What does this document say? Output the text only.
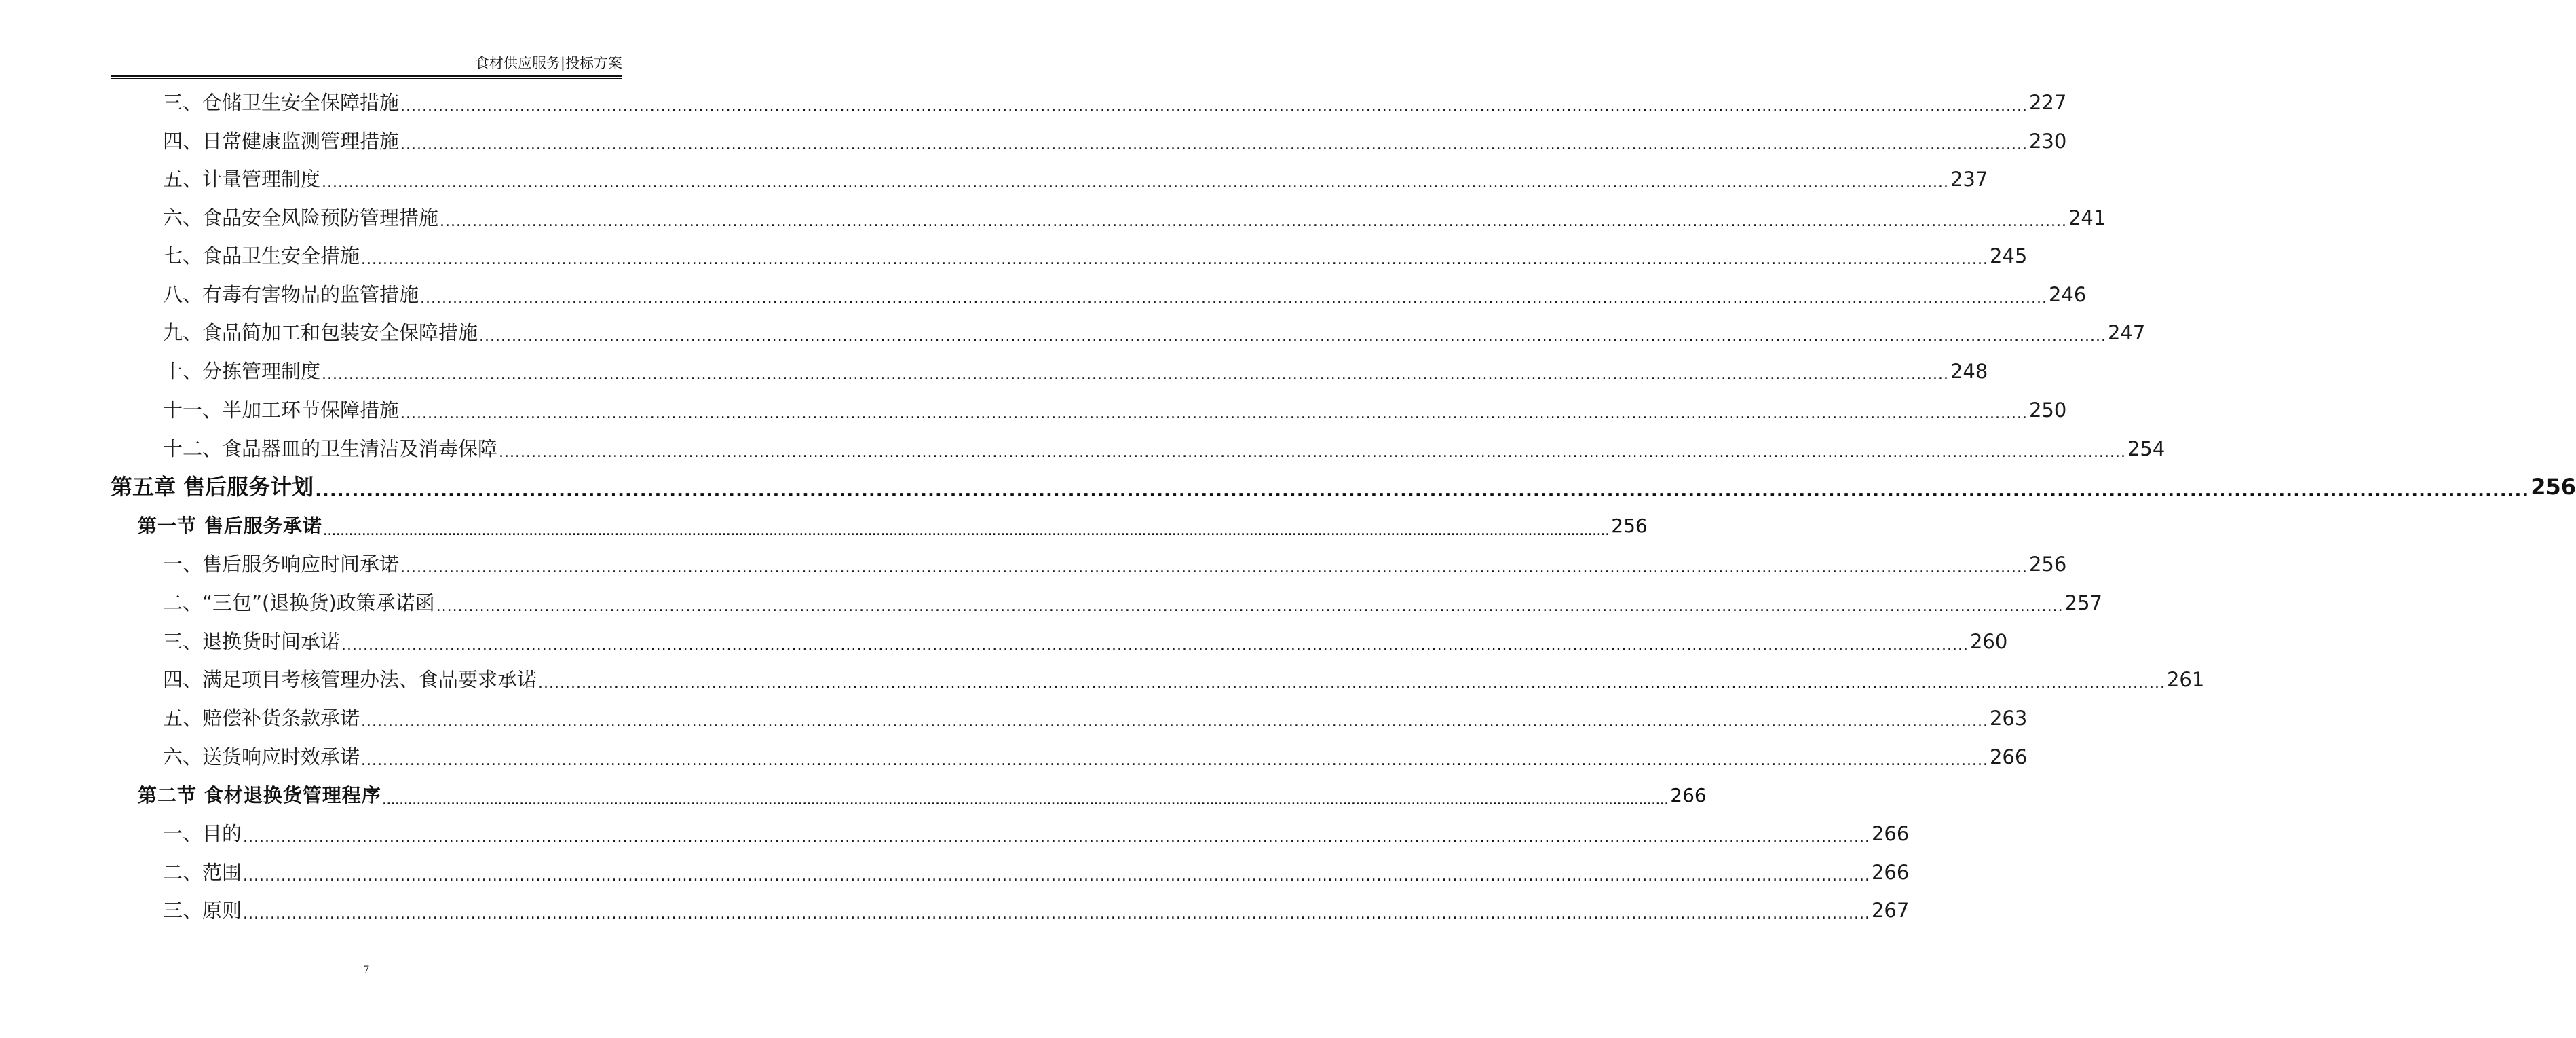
食材供应服务|投标方案
三、仓储卫生安全保障措施 ............................................................................................................................................................................................................................................................................................................ 227
四、日常健康监测管理措施 ............................................................................................................................................................................................................................................................................................................ 230
五、计量管理制度 ............................................................................................................................................................................................................................................................................................................ 237
六、食品安全风险预防管理措施 ............................................................................................................................................................................................................................................................................................................ 241
七、食品卫生安全措施 ............................................................................................................................................................................................................................................................................................................ 245
八、有毒有害物品的监管措施 ............................................................................................................................................................................................................................................................................................................ 246
九、食品简加工和包装安全保障措施 ............................................................................................................................................................................................................................................................................................................ 247
十、分拣管理制度 ............................................................................................................................................................................................................................................................................................................ 248
十一、半加工环节保障措施 ............................................................................................................................................................................................................................................................................................................ 250
十二、食品器皿的卫生清洁及消毒保障 ............................................................................................................................................................................................................................................................................................................ 254
第五章 售后服务计划 ............................................................................................................................................................................................................................................................................................................ 256
第一节 售后服务承诺 ............................................................................................................................................................................................................................................................................................................ 256
一、售后服务响应时间承诺 ............................................................................................................................................................................................................................................................................................................ 256
二、“三包”(退换货)政策承诺函 ............................................................................................................................................................................................................................................................................................................ 257
三、退换货时间承诺 ............................................................................................................................................................................................................................................................................................................ 260
四、满足项目考核管理办法、食品要求承诺 ............................................................................................................................................................................................................................................................................................................ 261
五、赔偿补货条款承诺 ............................................................................................................................................................................................................................................................................................................ 263
六、送货响应时效承诺 ............................................................................................................................................................................................................................................................................................................ 266
第二节 食材退换货管理程序 ............................................................................................................................................................................................................................................................................................................ 266
一、目的 ............................................................................................................................................................................................................................................................................................................ 266
二、范围 ............................................................................................................................................................................................................................................................................................................ 266
三、原则 ............................................................................................................................................................................................................................................................................................................ 267
7
